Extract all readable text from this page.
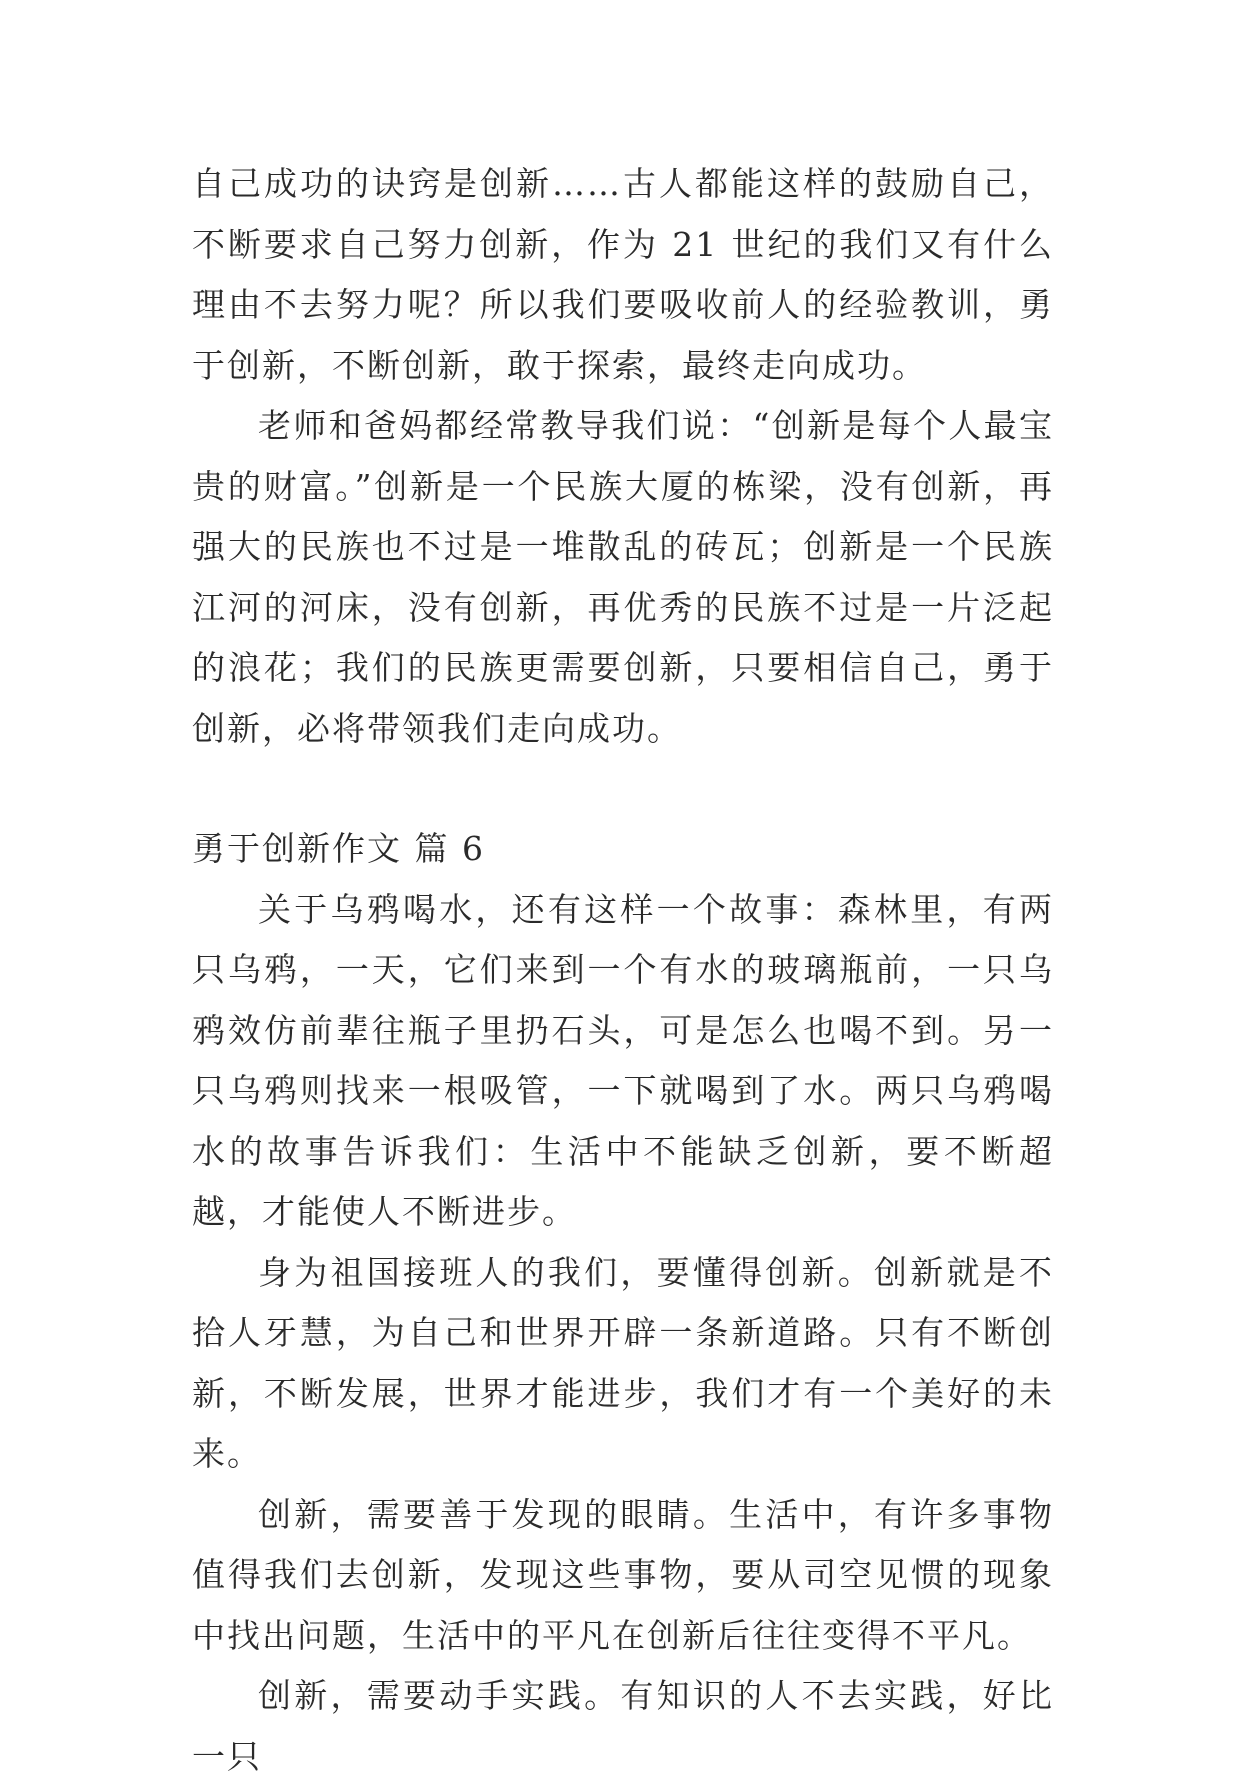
自己成功的诀窍是创新……古人都能这样的鼓励自己，不断要求自己努力创新，作为 21 世纪的我们又有什么理由不去努力呢？所以我们要吸收前人的经验教训，勇于创新，不断创新，敢于探索，最终走向成功。

老师和爸妈都经常教导我们说：“创新是每个人最宝贵的财富。”创新是一个民族大厦的栋梁，没有创新，再强大的民族也不过是一堆散乱的砖瓦；创新是一个民族江河的河床，没有创新，再优秀的民族不过是一片泛起的浪花；我们的民族更需要创新，只要相信自己，勇于创新，必将带领我们走向成功。

勇于创新作文 篇 6

关于乌鸦喝水，还有这样一个故事：森林里，有两只乌鸦，一天，它们来到一个有水的玻璃瓶前，一只乌鸦效仿前辈往瓶子里扔石头，可是怎么也喝不到。另一只乌鸦则找来一根吸管，一下就喝到了水。两只乌鸦喝水的故事告诉我们：生活中不能缺乏创新，要不断超越，才能使人不断进步。

身为祖国接班人的我们，要懂得创新。创新就是不拾人牙慧，为自己和世界开辟一条新道路。只有不断创新，不断发展，世界才能进步，我们才有一个美好的未来。

创新，需要善于发现的眼睛。生活中，有许多事物值得我们去创新，发现这些事物，要从司空见惯的现象中找出问题，生活中的平凡在创新后往往变得不平凡。

创新，需要动手实践。有知识的人不去实践，好比一只
